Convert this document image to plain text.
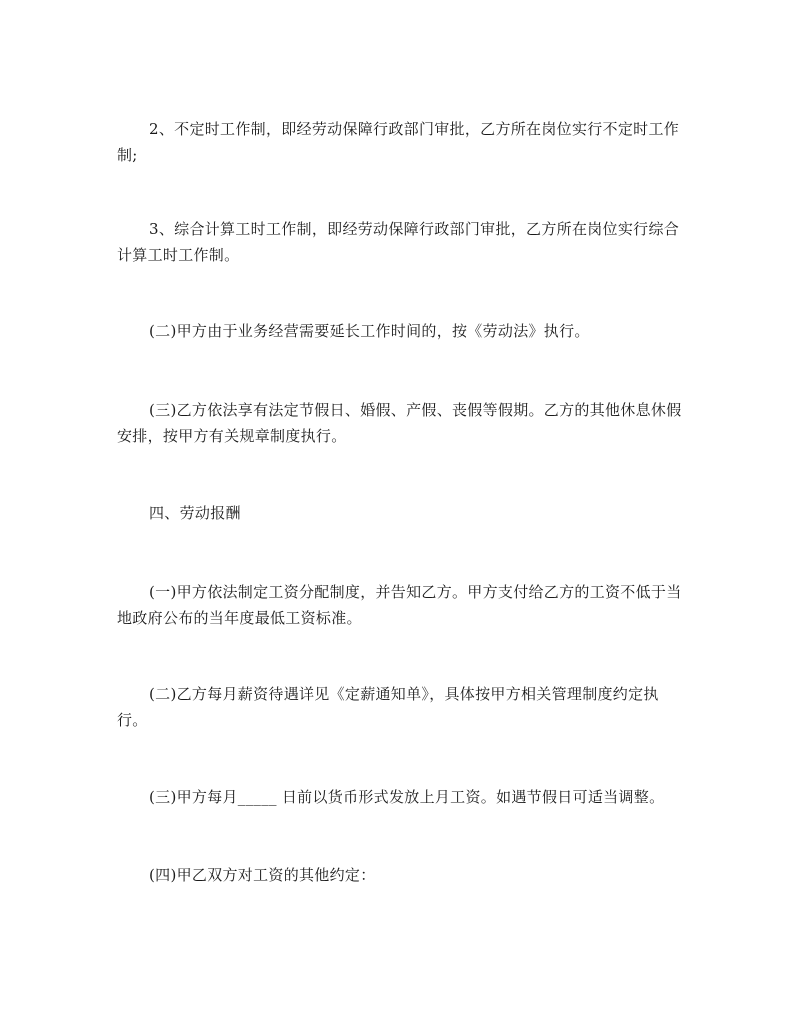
2、不定时工作制，即经劳动保障行政部门审批，乙方所在岗位实行不定时工作制;

3、综合计算工时工作制，即经劳动保障行政部门审批，乙方所在岗位实行综合计算工时工作制。

(二)甲方由于业务经营需要延长工作时间的，按《劳动法》执行。

(三)乙方依法享有法定节假日、婚假、产假、丧假等假期。乙方的其他休息休假安排，按甲方有关规章制度执行。

四、劳动报酬

(一)甲方依法制定工资分配制度，并告知乙方。甲方支付给乙方的工资不低于当地政府公布的当年度最低工资标准。

(二)乙方每月薪资待遇详见《定薪通知单》，具体按甲方相关管理制度约定执行。

(三)甲方每月_____ 日前以货币形式发放上月工资。如遇节假日可适当调整。

(四)甲乙双方对工资的其他约定：
